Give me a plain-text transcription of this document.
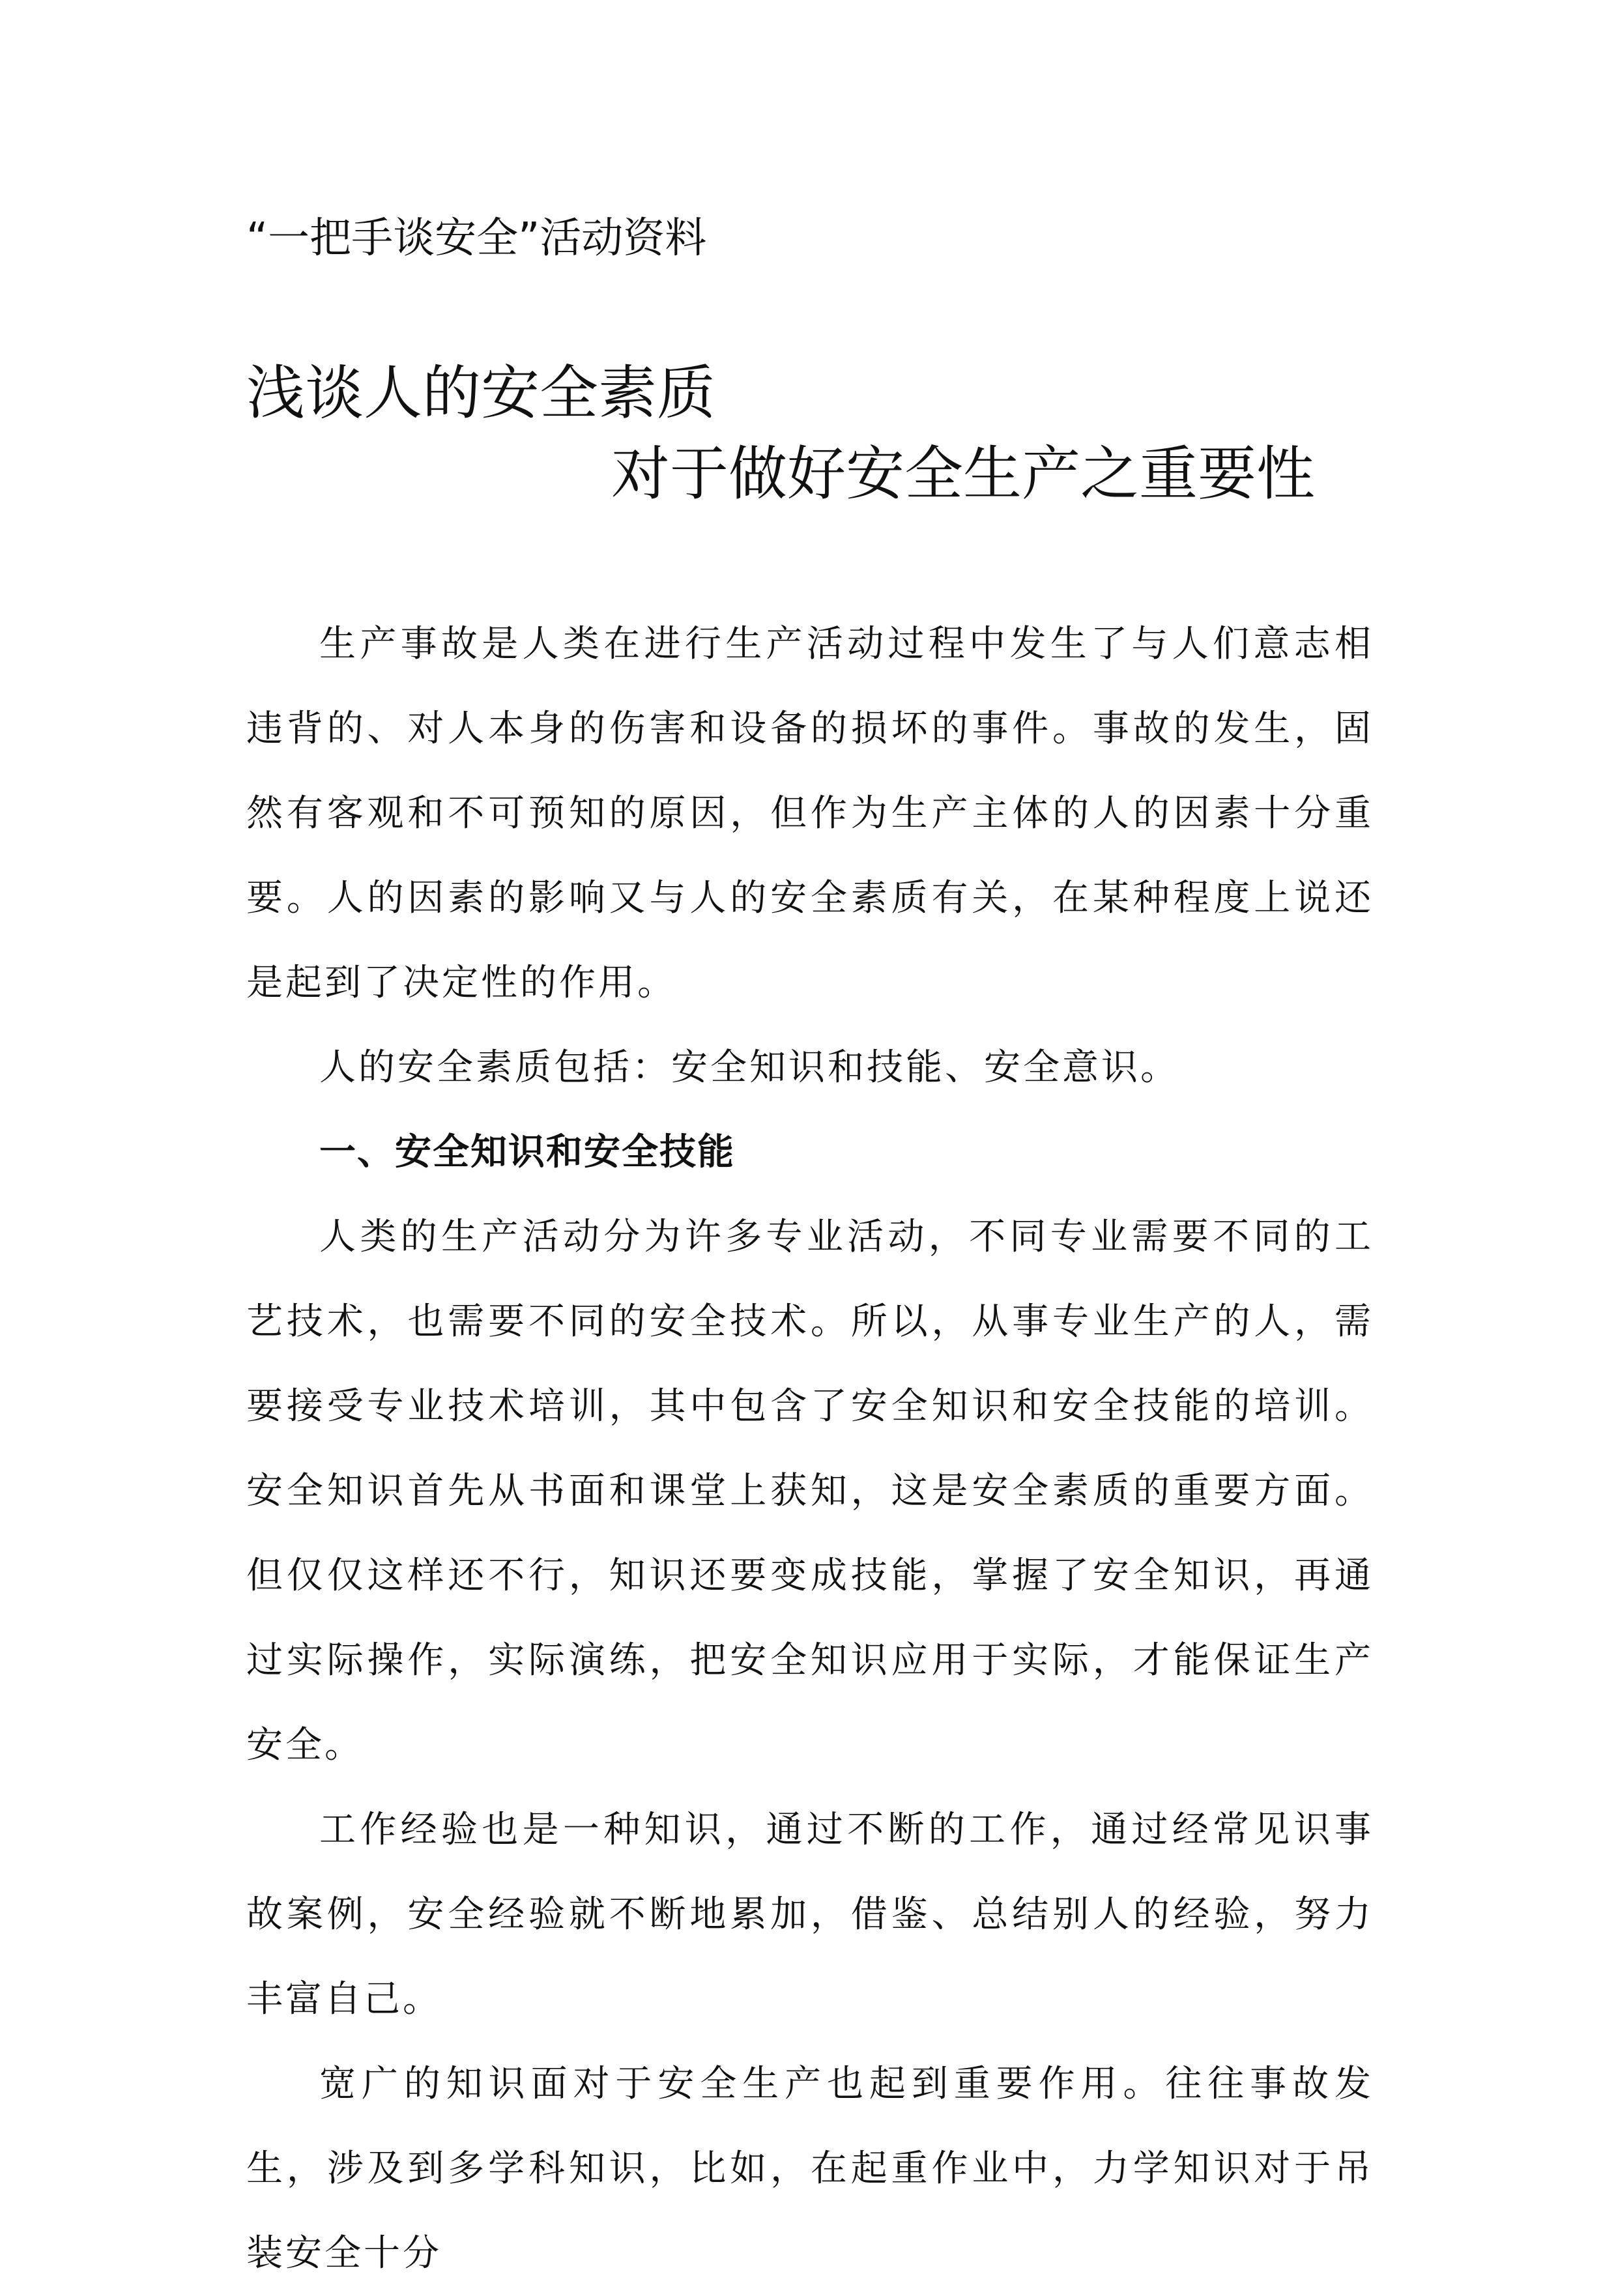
“一把手谈安全”活动资料
浅谈人的安全素质
对于做好安全生产之重要性

生产事故是人类在进行生产活动过程中发生了与人们意志相违背的、对人本身的伤害和设备的损坏的事件。事故的发生，固然有客观和不可预知的原因，但作为生产主体的人的因素十分重要。人的因素的影响又与人的安全素质有关，在某种程度上说还是起到了决定性的作用。

人的安全素质包括：安全知识和技能、安全意识。

一、安全知识和安全技能

人类的生产活动分为许多专业活动，不同专业需要不同的工艺技术，也需要不同的安全技术。所以，从事专业生产的人，需要接受专业技术培训，其中包含了安全知识和安全技能的培训。安全知识首先从书面和课堂上获知，这是安全素质的重要方面。但仅仅这样还不行，知识还要变成技能，掌握了安全知识，再通过实际操作，实际演练，把安全知识应用于实际，才能保证生产安全。

工作经验也是一种知识，通过不断的工作，通过经常见识事故案例，安全经验就不断地累加，借鉴、总结别人的经验，努力丰富自己。

宽广的知识面对于安全生产也起到重要作用。往往事故发生，涉及到多学科知识，比如，在起重作业中，力学知识对于吊装安全十分
